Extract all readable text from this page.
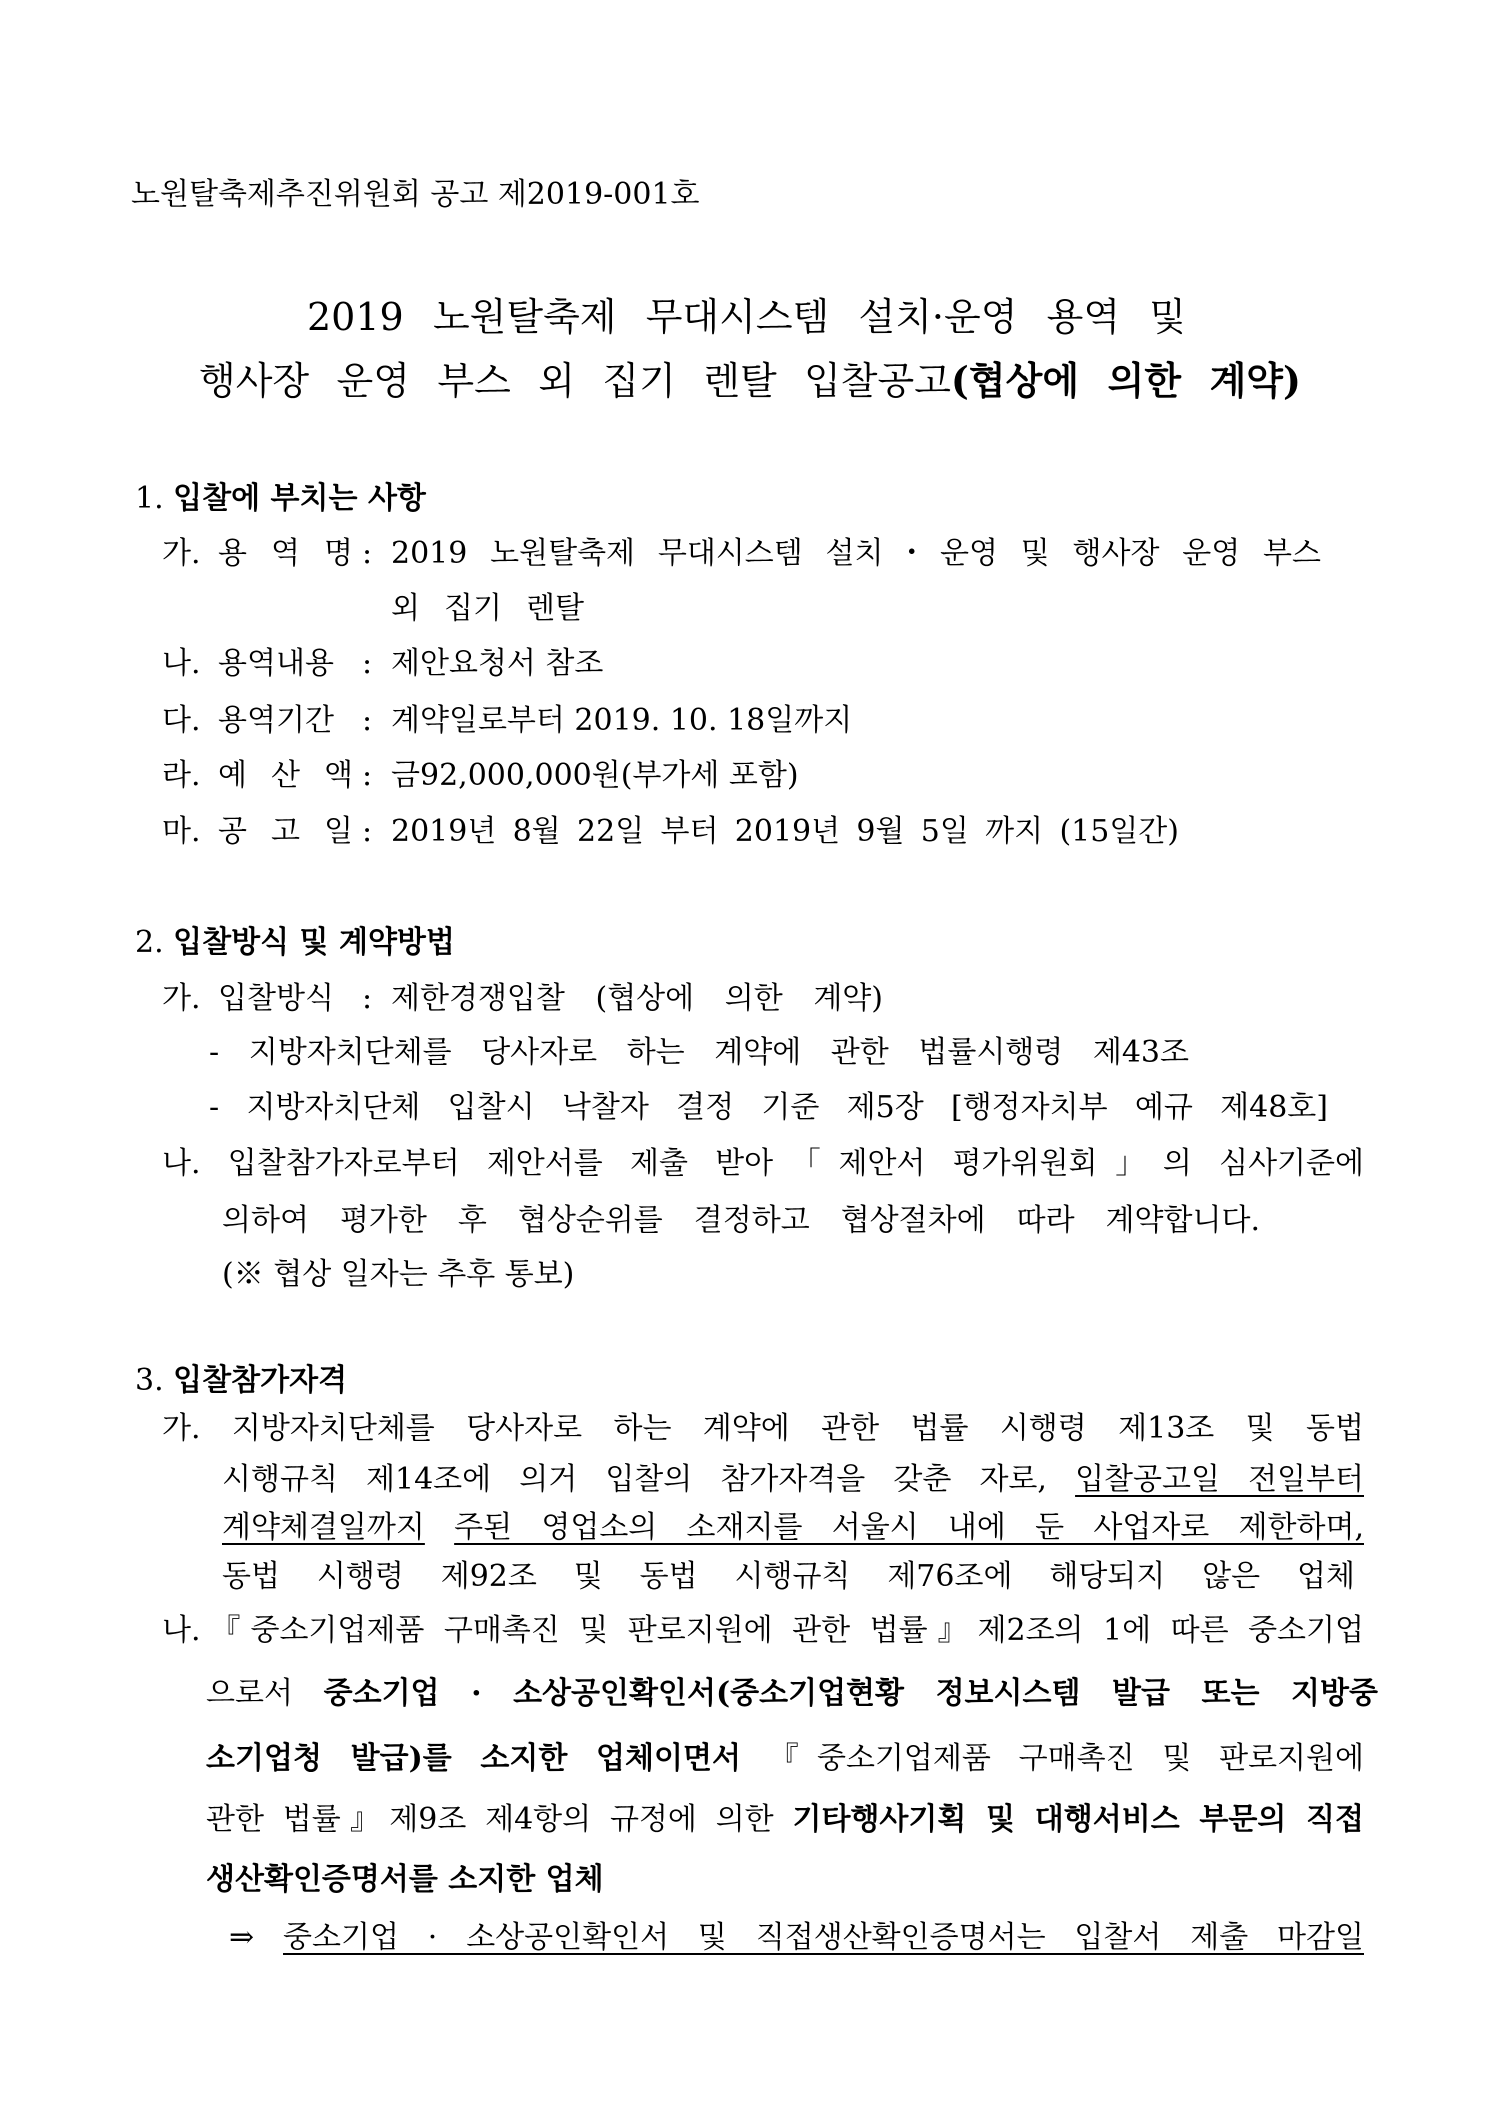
노원탈축제추진위원회 공고 제2019-001호
2019 노원탈축제 무대시스템 설치·운영 용역 및
행사장 운영 부스 외 집기 렌탈 입찰공고(협상에 의한 계약)
1. 입찰에 부치는 사항
가. 용 역 명 : 2019 노원탈축제 무대시스템 설치・운영 및 행사장 운영 부스
외 집기 렌탈
나. 용역내용 : 제안요청서 참조
다. 용역기간 : 계약일로부터 2019. 10. 18일까지
라. 예 산 액 : 금92,000,000원(부가세 포함)
마. 공 고 일 : 2019년 8월 22일 부터 2019년 9월 5일 까지 (15일간)
2. 입찰방식 및 계약방법
가. 입찰방식 : 제한경쟁입찰 (협상에 의한 계약)
- 지방자치단체를 당사자로 하는 계약에 관한 법률시행령 제43조
- 지방자치단체 입찰시 낙찰자 결정 기준 제5장 [행정자치부 예규 제48호]
나. 입찰참가자로부터 제안서를 제출 받아「제안서 평가위원회」의 심사기준에
의하여 평가한 후 협상순위를 결정하고 협상절차에 따라 계약합니다.
(※ 협상 일자는 추후 통보)
3. 입찰참가자격
가. 지방자치단체를 당사자로 하는 계약에 관한 법률 시행령 제13조 및 동법
시행규칙 제14조에 의거 입찰의 참가자격을 갖춘 자로, 입찰공고일 전일부터
계약체결일까지 주된 영업소의 소재지를 서울시 내에 둔 사업자로 제한하며,
동법 시행령 제92조 및 동법 시행규칙 제76조에 해당되지 않은 업체
나.『중소기업제품 구매촉진 및 판로지원에 관한 법률』제2조의 1에 따른 중소기업
으로서 중소기업 · 소상공인확인서(중소기업현황 정보시스템 발급 또는 지방중
소기업청 발급)를 소지한 업체이면서 『중소기업제품 구매촉진 및 판로지원에
관한 법률』제9조 제4항의 규정에 의한 기타행사기획 및 대행서비스 부문의 직접
생산확인증명서를 소지한 업체
⇒ 중소기업 · 소상공인확인서 및 직접생산확인증명서는 입찰서 제출 마감일
